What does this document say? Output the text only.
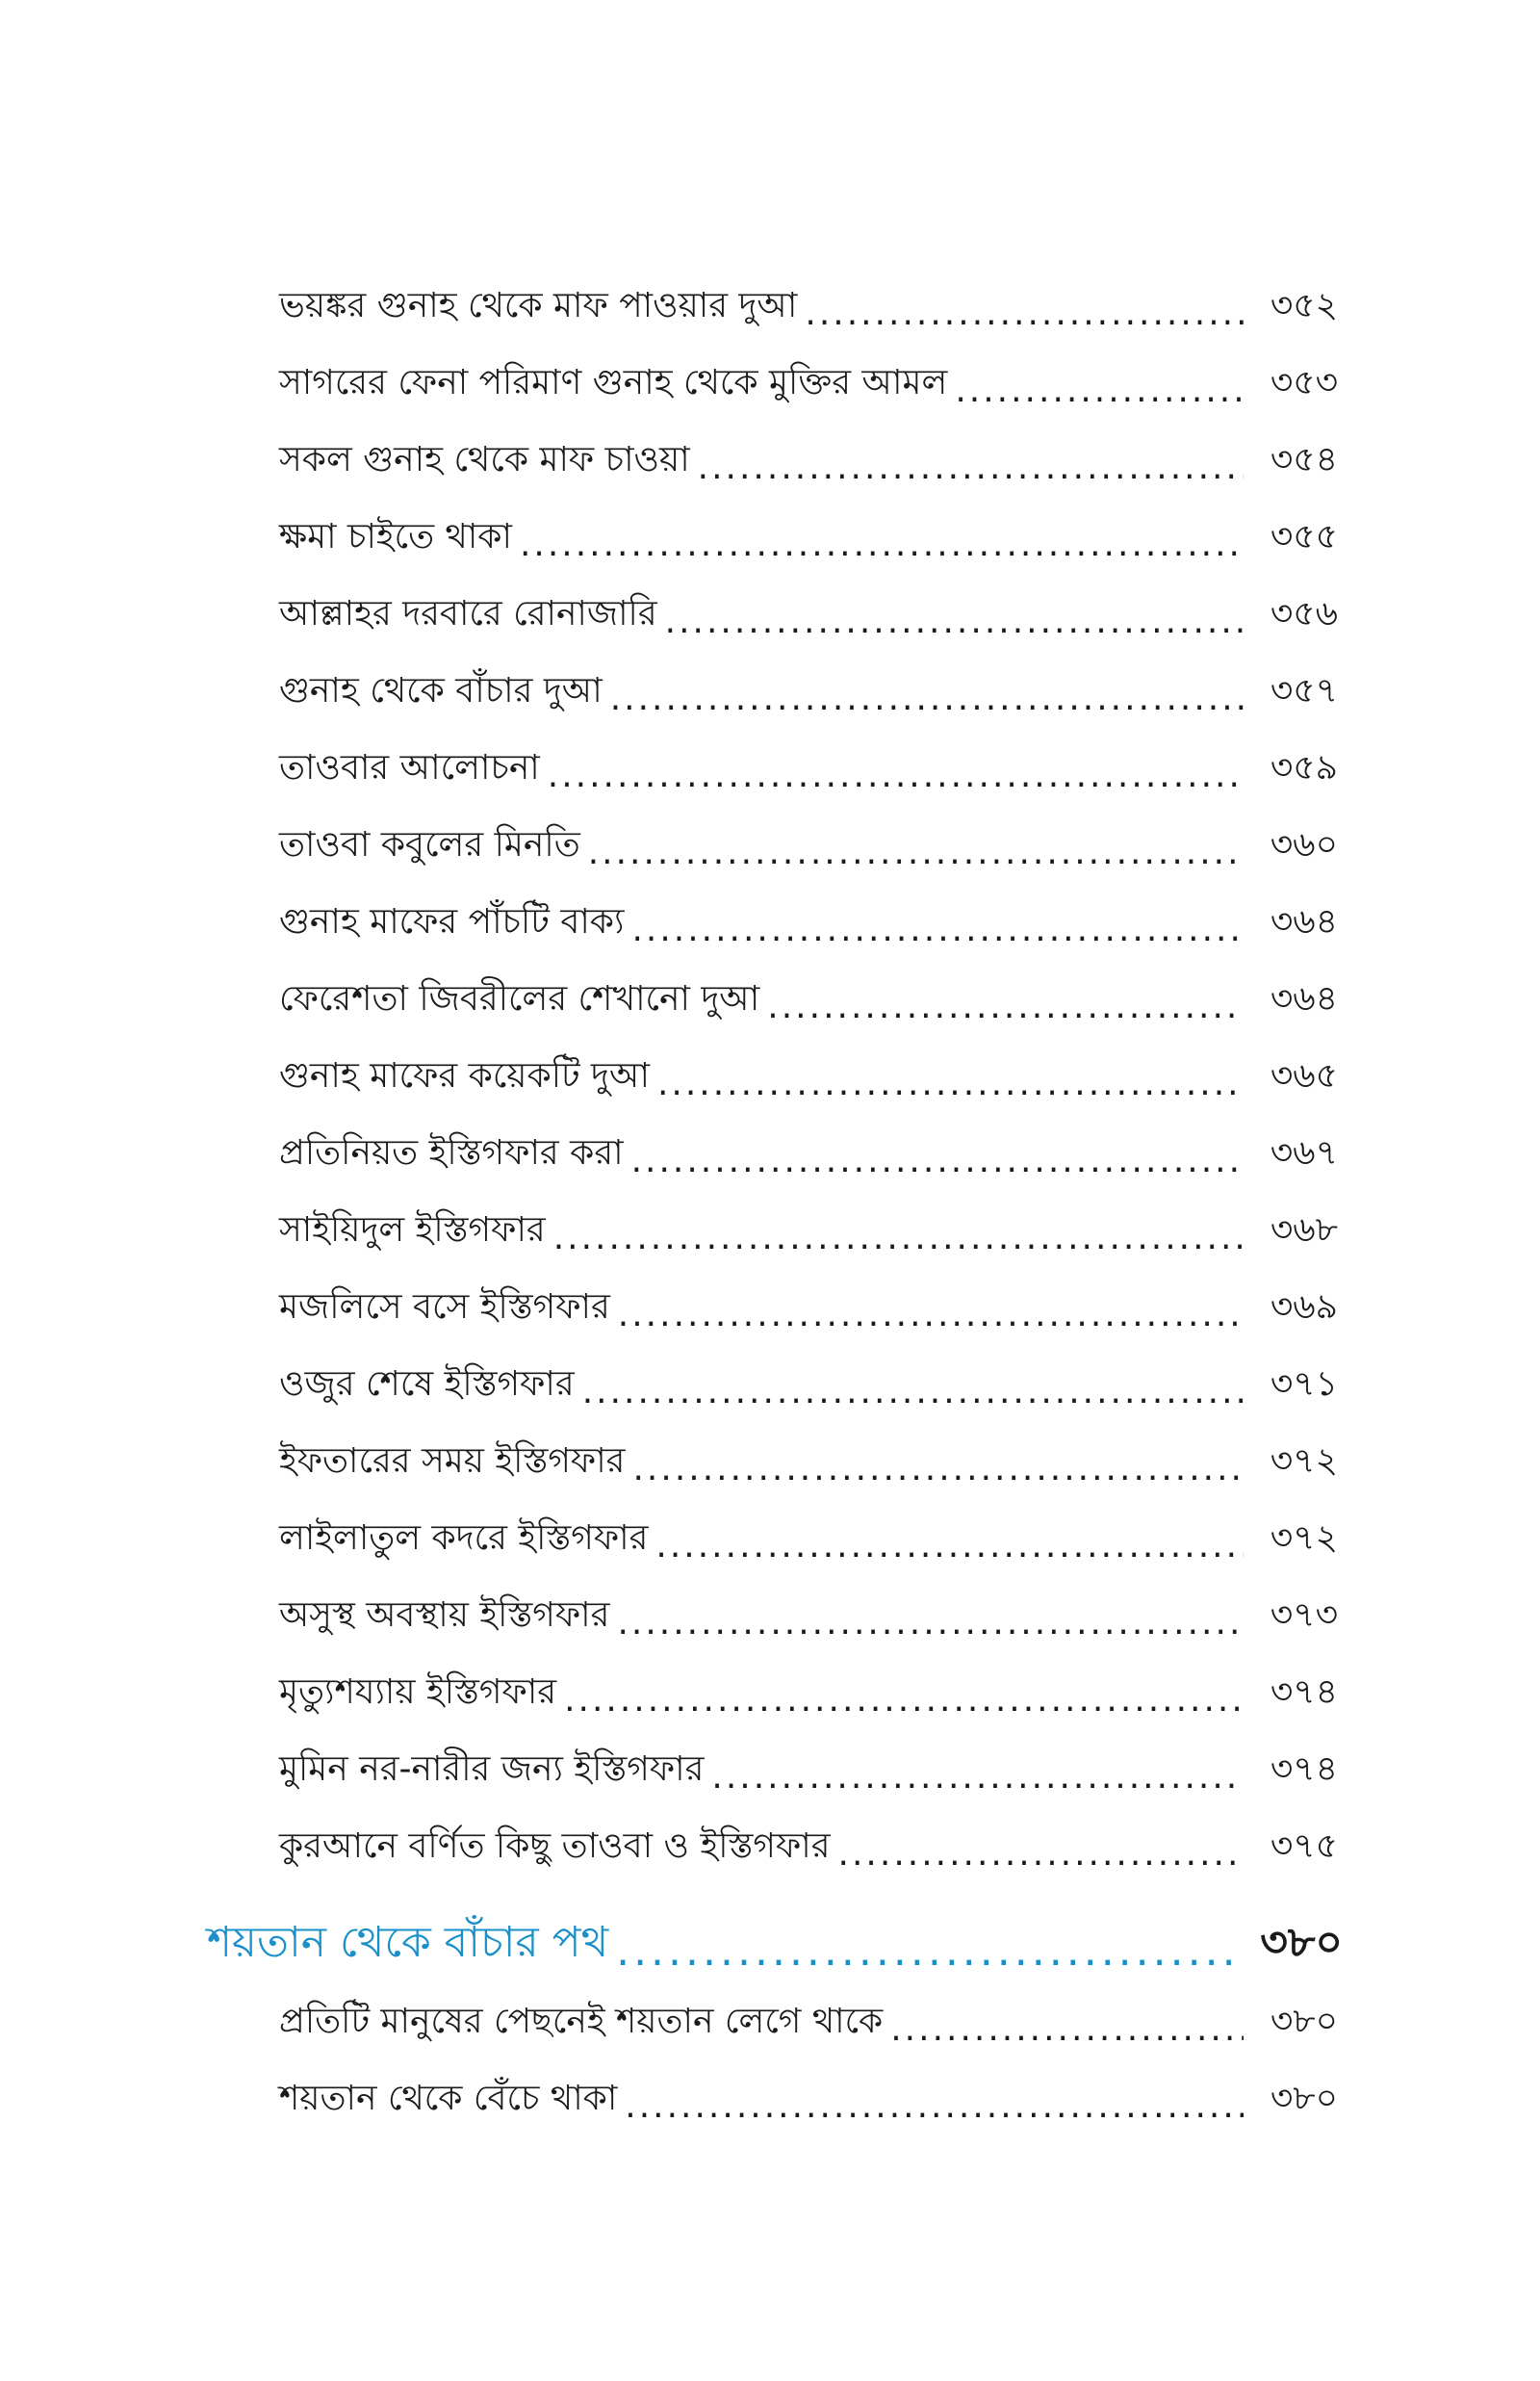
ভয়ঙ্কর গুনাহ থেকে মাফ পাওয়ার দুআ .....	৩৫২
সাগরের ফেনা পরিমাণ গুনাহ থেকে মুক্তির আমল .....	৩৫৩
সকল গুনাহ থেকে মাফ চাওয়া .....	৩৫৪
ক্ষমা চাইতে থাকা .....	৩৫৫
আল্লাহর দরবারে রোনাজারি .....	৩৫৬
গুনাহ থেকে বাঁচার দুআ .....	৩৫৭
তাওবার আলোচনা .....	৩৫৯
তাওবা কবুলের মিনতি .....	৩৬০
গুনাহ মাফের পাঁচটি বাক্য .....	৩৬৪
ফেরেশতা জিবরীলের শেখানো দুআ .....	৩৬৪
গুনাহ মাফের কয়েকটি দুআ .....	৩৬৫
প্রতিনিয়ত ইস্তিগফার করা .....	৩৬৭
সাইয়িদুল ইস্তিগফার .....	৩৬৮
মজলিসে বসে ইস্তিগফার .....	৩৬৯
ওজুর শেষে ইস্তিগফার .....	৩৭১
ইফতারের সময় ইস্তিগফার .....	৩৭২
লাইলাতুল কদরে ইস্তিগফার .....	৩৭২
অসুস্থ অবস্থায় ইস্তিগফার .....	৩৭৩
মৃত্যুশয্যায় ইস্তিগফার .....	৩৭৪
মুমিন নর-নারীর জন্য ইস্তিগফার .....	৩৭৪
কুরআনে বর্ণিত কিছু তাওবা ও ইস্তিগফার .....	৩৭৫
শয়তান থেকে বাঁচার পথ .....	৩৮০
প্রতিটি মানুষের পেছনেই শয়তান লেগে থাকে .....	৩৮০
শয়তান থেকে বেঁচে থাকা .....	৩৮০
